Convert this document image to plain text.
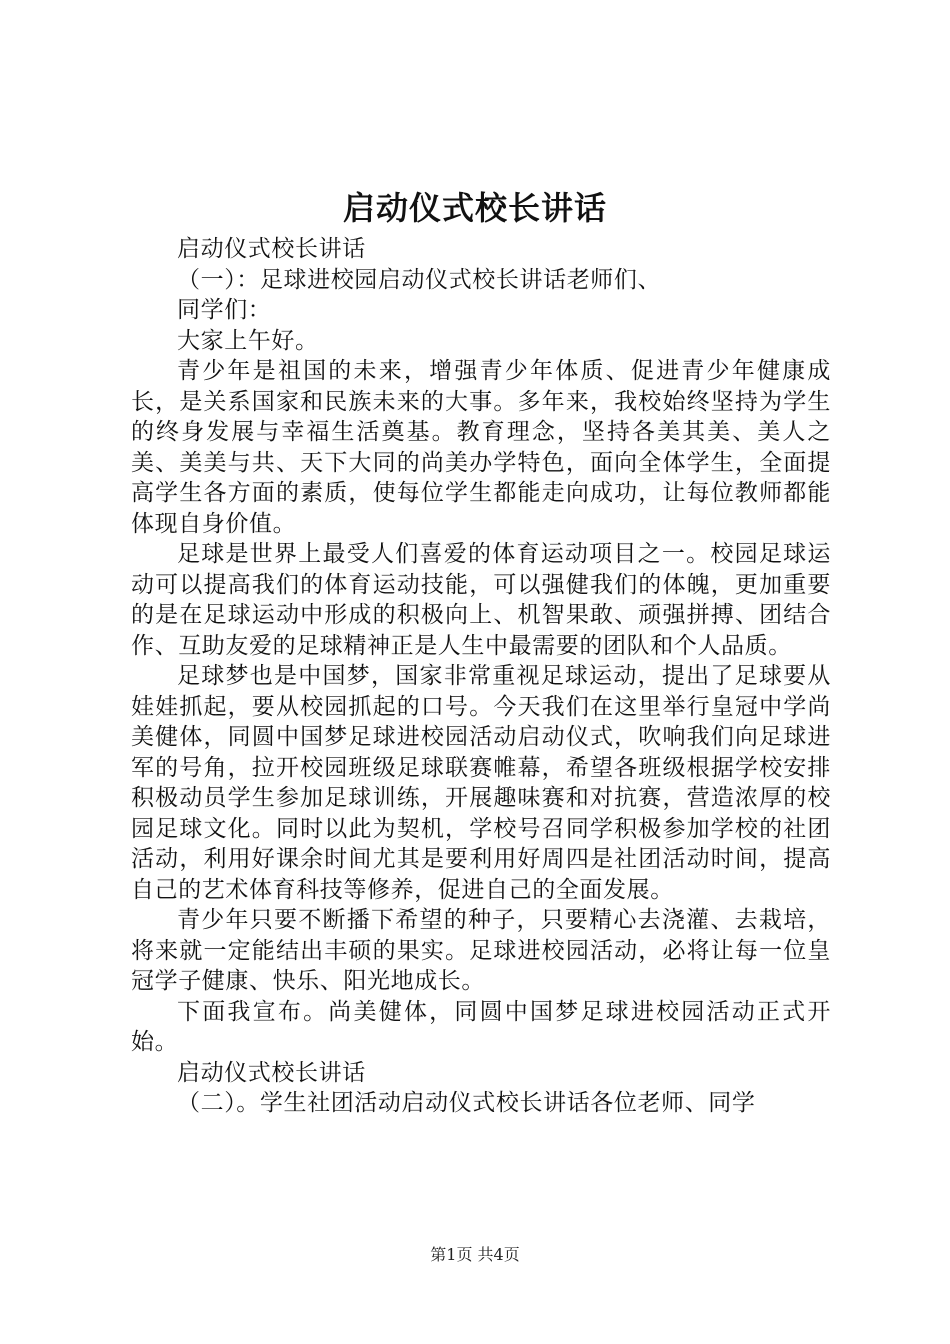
启动仪式校长讲话

启动仪式校长讲话

（一）：足球进校园启动仪式校长讲话老师们、

同学们：

大家上午好。

青少年是祖国的未来，增强青少年体质、促进青少年健康成长，是关系国家和民族未来的大事。多年来，我校始终坚持为学生的终身发展与幸福生活奠基。教育理念，坚持各美其美、美人之美、美美与共、天下大同的尚美办学特色，面向全体学生，全面提高学生各方面的素质，使每位学生都能走向成功，让每位教师都能体现自身价值。

足球是世界上最受人们喜爱的体育运动项目之一。校园足球运动可以提高我们的体育运动技能，可以强健我们的体魄，更加重要的是在足球运动中形成的积极向上、机智果敢、顽强拼搏、团结合作、互助友爱的足球精神正是人生中最需要的团队和个人品质。

足球梦也是中国梦，国家非常重视足球运动，提出了足球要从娃娃抓起，要从校园抓起的口号。今天我们在这里举行皇冠中学尚美健体，同圆中国梦足球进校园活动启动仪式，吹响我们向足球进军的号角，拉开校园班级足球联赛帷幕，希望各班级根据学校安排积极动员学生参加足球训练，开展趣味赛和对抗赛，营造浓厚的校园足球文化。同时以此为契机，学校号召同学积极参加学校的社团活动，利用好课余时间尤其是要利用好周四是社团活动时间，提高自己的艺术体育科技等修养，促进自己的全面发展。

青少年只要不断播下希望的种子，只要精心去浇灌、去栽培，将来就一定能结出丰硕的果实。足球进校园活动，必将让每一位皇冠学子健康、快乐、阳光地成长。

下面我宣布。尚美健体，同圆中国梦足球进校园活动正式开始。

启动仪式校长讲话

（二）。学生社团活动启动仪式校长讲话各位老师、同学

第1页 共4页
